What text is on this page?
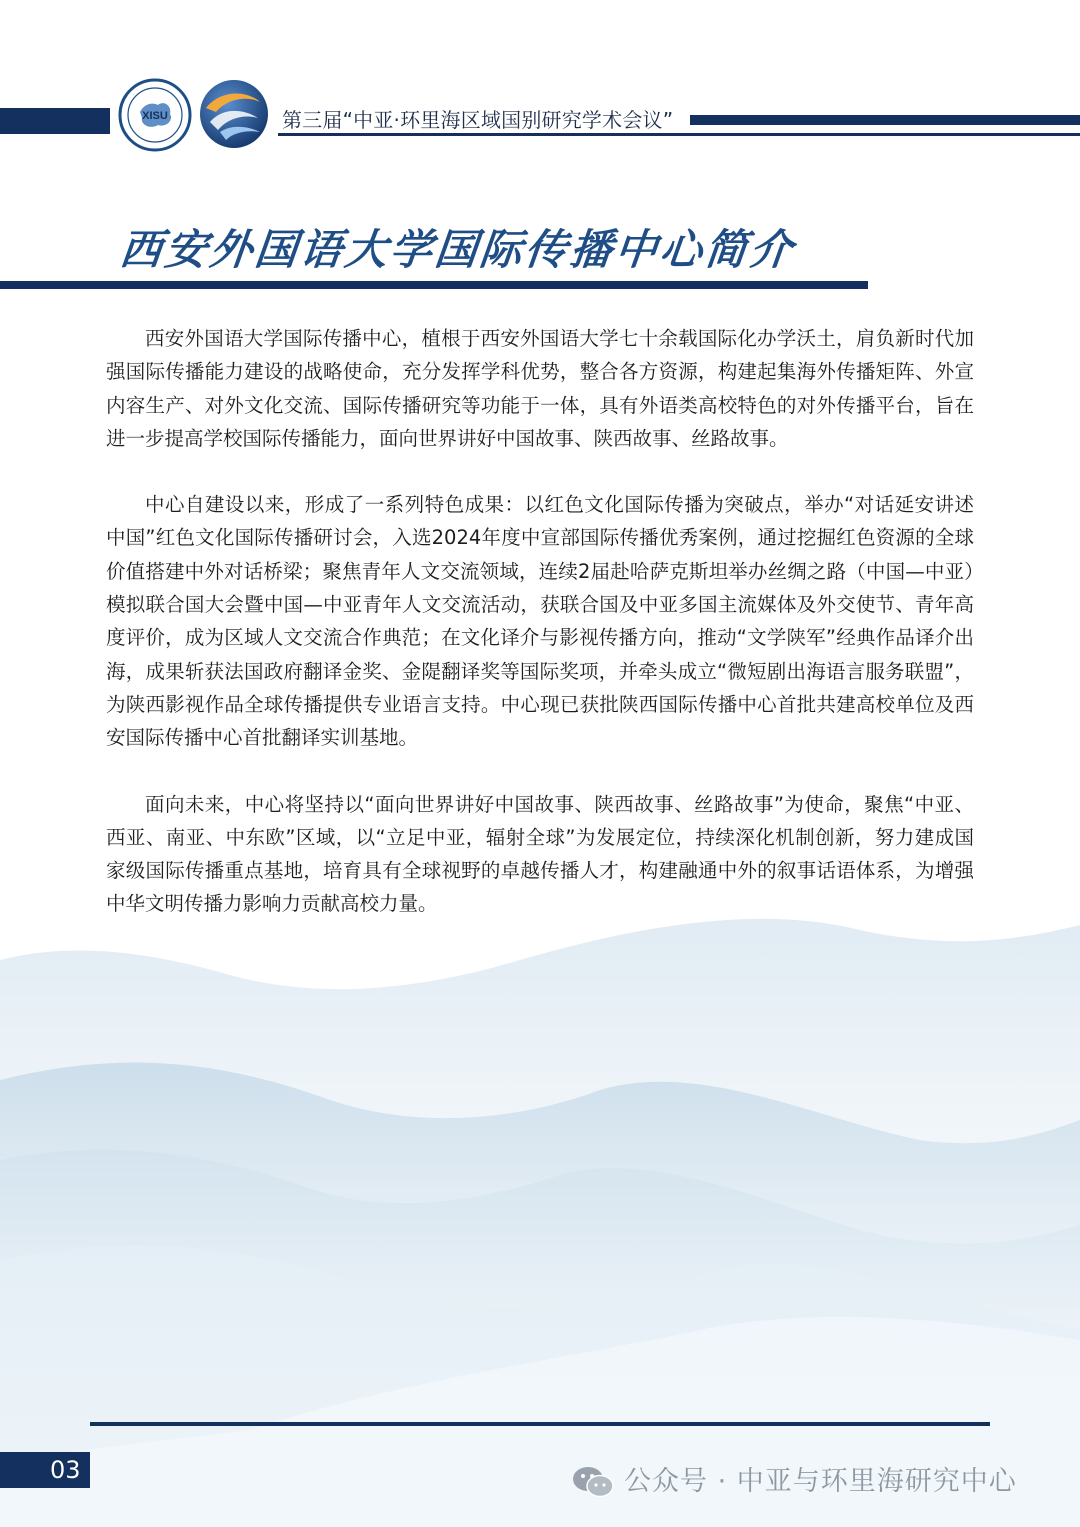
XISU	第三届“中亚·环里海区域国别研究学术会议”
西安外国语大学国际传播中心简介

西安外国语大学国际传播中心，植根于西安外国语大学七十余载国际化办学沃土，肩负新时代加强国际传播能力建设的战略使命，充分发挥学科优势，整合各方资源，构建起集海外传播矩阵、外宣内容生产、对外文化交流、国际传播研究等功能于一体，具有外语类高校特色的对外传播平台，旨在进一步提高学校国际传播能力，面向世界讲好中国故事、陕西故事、丝路故事。

中心自建设以来，形成了一系列特色成果：以红色文化国际传播为突破点，举办“对话延安讲述中国”红色文化国际传播研讨会，入选2024年度中宣部国际传播优秀案例，通过挖掘红色资源的全球价值搭建中外对话桥梁；聚焦青年人文交流领域，连续2届赴哈萨克斯坦举办丝绸之路（中国—中亚）模拟联合国大会暨中国—中亚青年人文交流活动，获联合国及中亚多国主流媒体及外交使节、青年高度评价，成为区域人文交流合作典范；在文化译介与影视传播方向，推动“文学陕军”经典作品译介出海，成果斩获法国政府翻译金奖、金隄翻译奖等国际奖项，并牵头成立“微短剧出海语言服务联盟”，为陕西影视作品全球传播提供专业语言支持。中心现已获批陕西国际传播中心首批共建高校单位及西安国际传播中心首批翻译实训基地。

面向未来，中心将坚持以“面向世界讲好中国故事、陕西故事、丝路故事”为使命，聚焦“中亚、西亚、南亚、中东欧”区域，以“立足中亚，辐射全球”为发展定位，持续深化机制创新，努力建成国家级国际传播重点基地，培育具有全球视野的卓越传播人才，构建融通中外的叙事话语体系，为增强中华文明传播力影响力贡献高校力量。

03	公众号 · 中亚与环里海研究中心
